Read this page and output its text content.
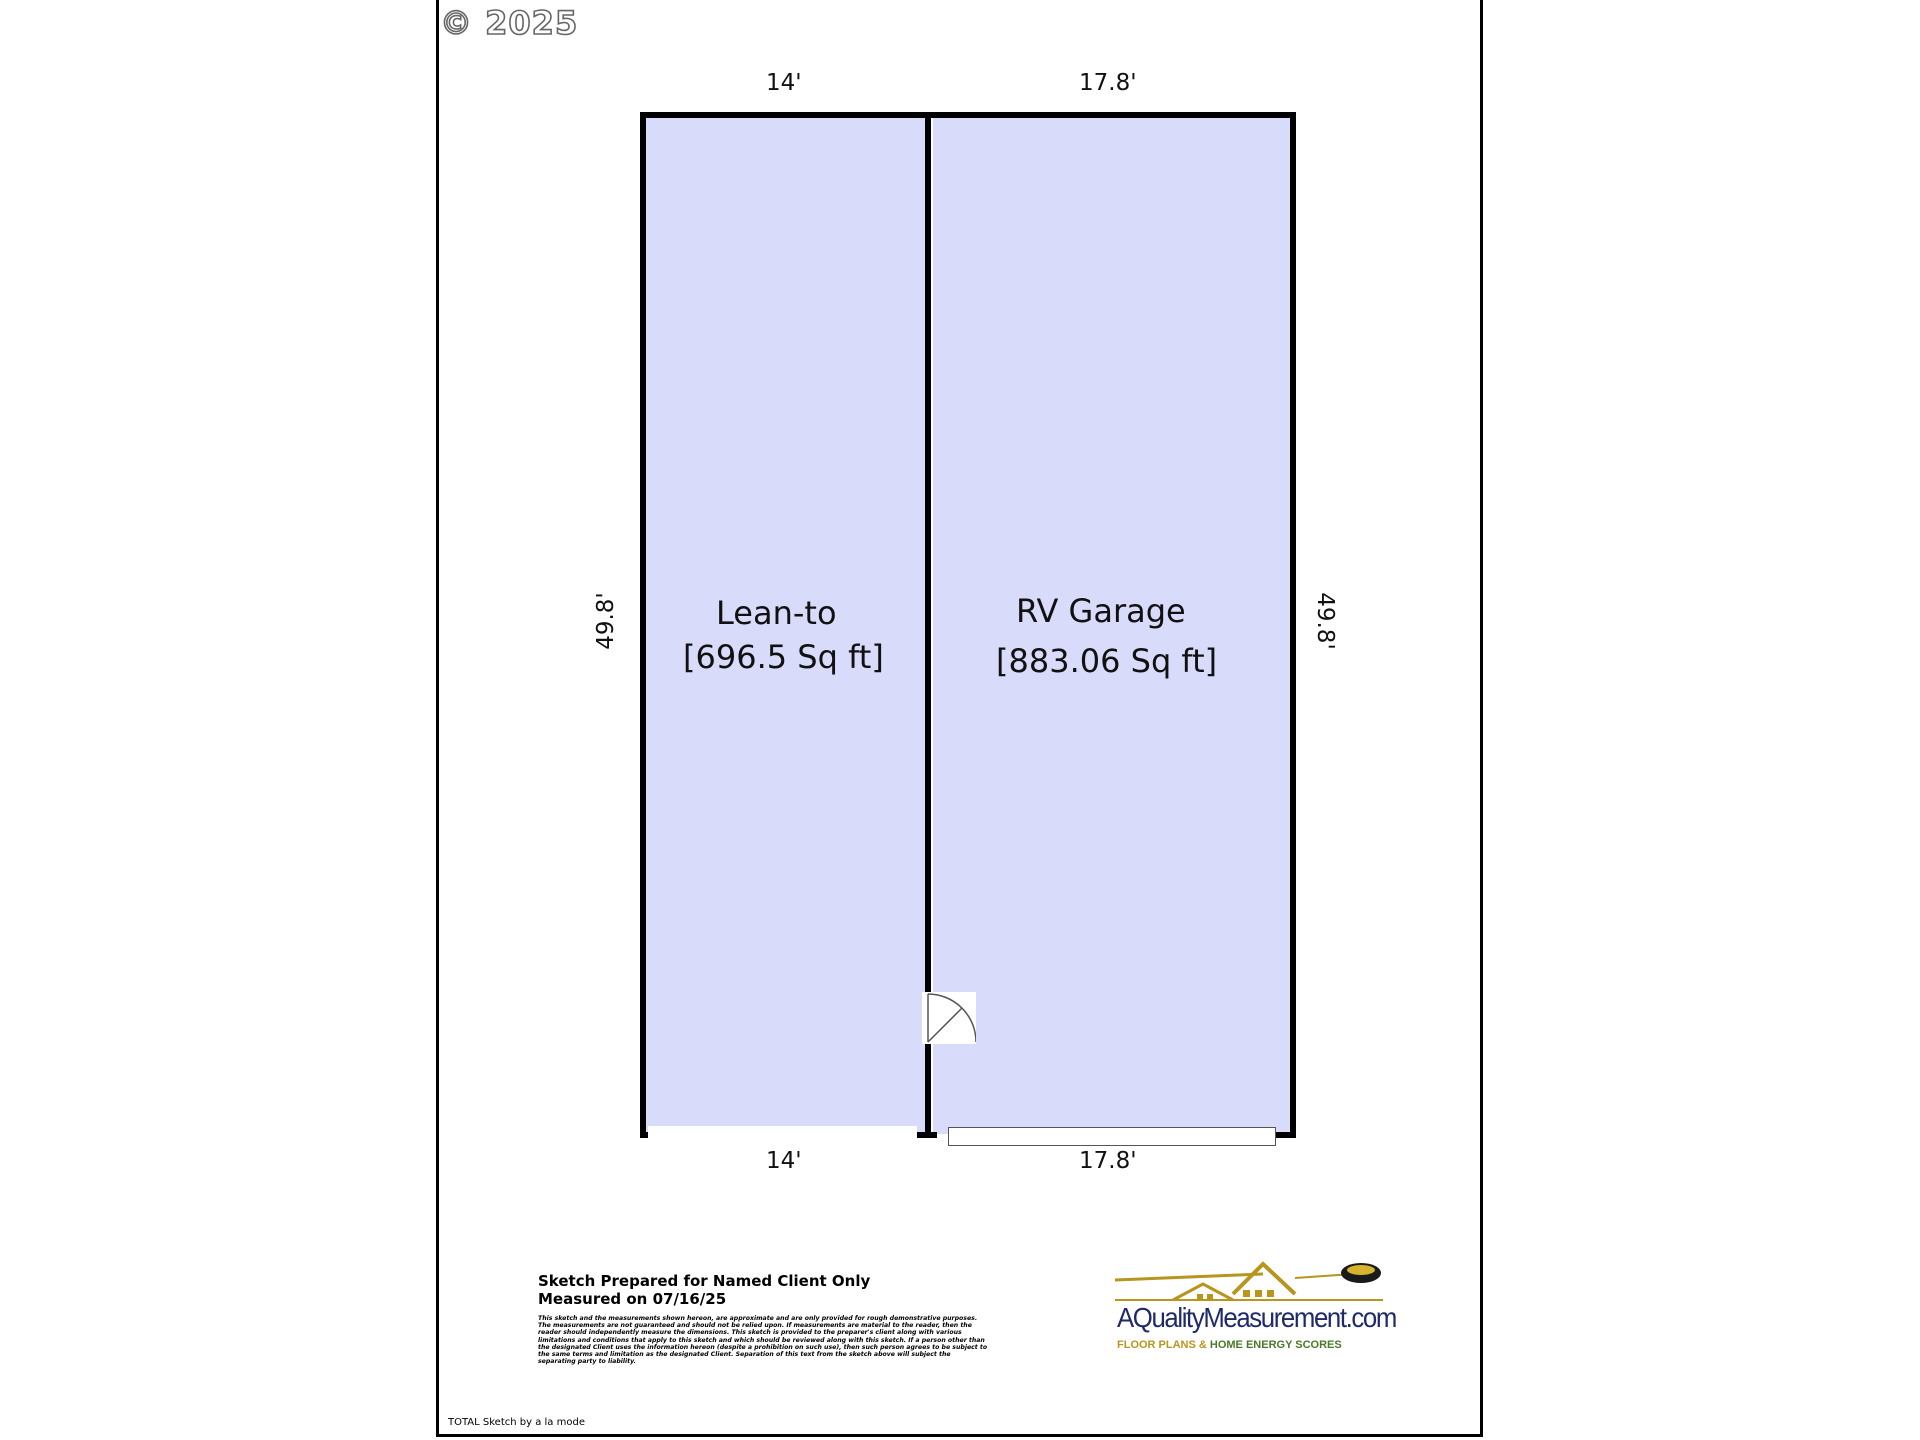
© 2025
14'	17.8'
14'	17.8'
49.8'	49.8'
Lean-to
[696.5 Sq ft]
RV Garage
[883.06 Sq ft]
Sketch Prepared for Named Client Only
Measured on 07/16/25
This sketch and the measurements shown hereon, are approximate and are only provided for rough demonstrative purposes. The measurements are not guaranteed and should not be relied upon. If measurements are material to the reader, then the reader should independently measure the dimensions. This sketch is provided to the preparer's client along with various limitations and conditions that apply to this sketch and which should be reviewed along with this sketch. If a person other than the designated Client uses the information hereon (despite a prohibition on such use), then such person agrees to be subject to the same terms and limitation as the designated Client. Separation of this text from the sketch above will subject the separating party to liability.
AQualityMeasurement.com
FLOOR PLANS & HOME ENERGY SCORES
TOTAL Sketch by a la mode
